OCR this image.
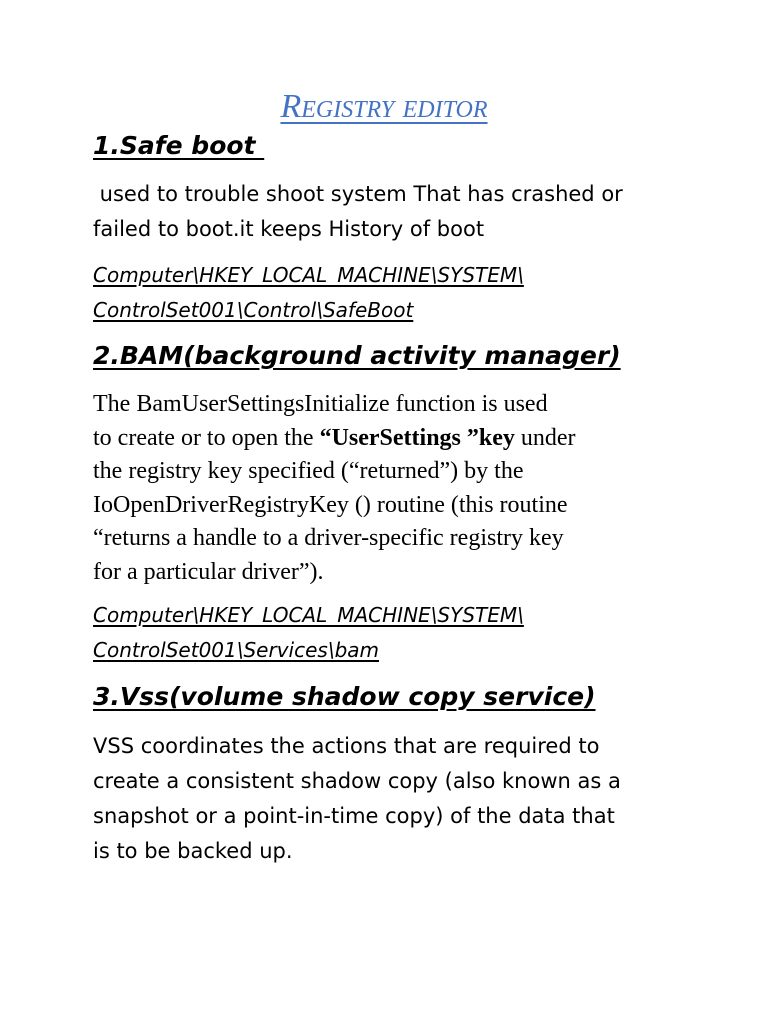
Registry editor
1.Safe boot
used to trouble shoot system That has crashed or
failed to boot.it keeps History of boot
Computer\HKEY_LOCAL_MACHINE\SYSTEM\
ControlSet001\Control\SafeBoot
2.BAM(background activity manager)
The BamUserSettingsInitialize function is used
to create or to open the “UserSettings ”key under
the registry key specified (“returned”) by the
IoOpenDriverRegistryKey () routine (this routine
“returns a handle to a driver-specific registry key
for a particular driver”).
Computer\HKEY_LOCAL_MACHINE\SYSTEM\
ControlSet001\Services\bam
3.Vss(volume shadow copy service)
VSS coordinates the actions that are required to
create a consistent shadow copy (also known as a
snapshot or a point-in-time copy) of the data that
is to be backed up.
